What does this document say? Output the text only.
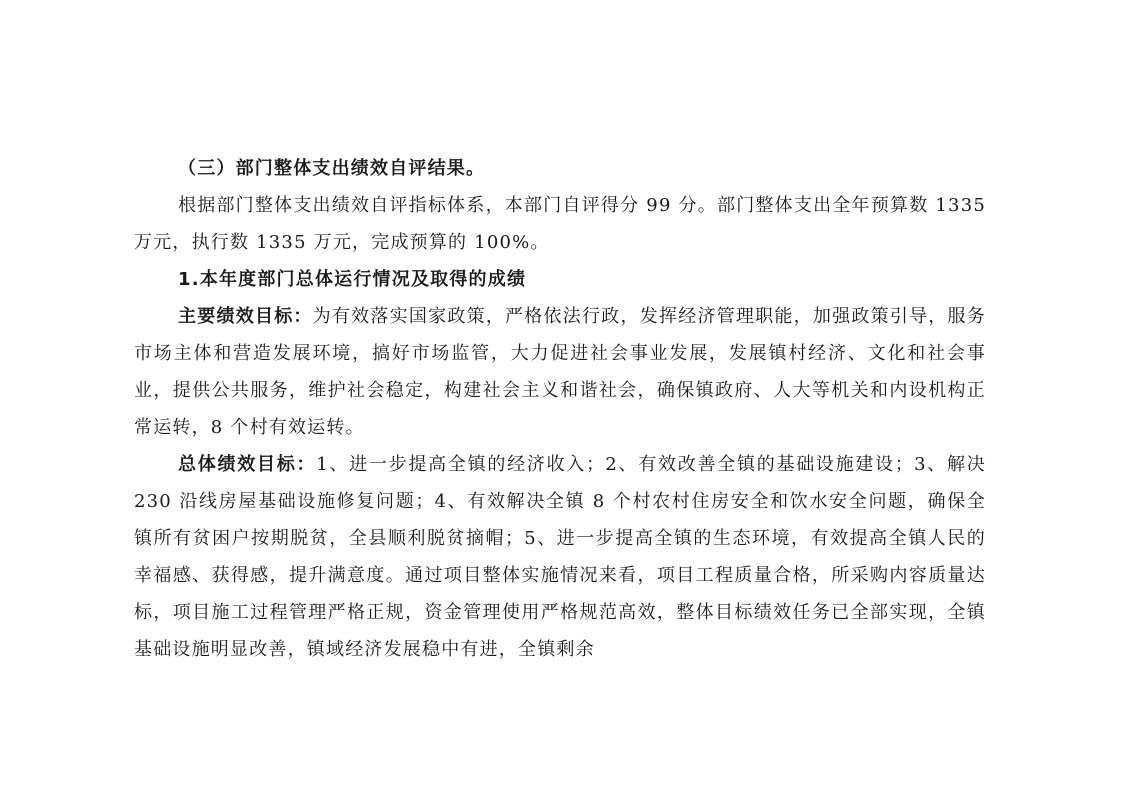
（三）部门整体支出绩效自评结果。

根据部门整体支出绩效自评指标体系，本部门自评得分 99 分。部门整体支出全年预算数 1335 万元，执行数 1335 万元，完成预算的 100%。

1.本年度部门总体运行情况及取得的成绩

主要绩效目标：为有效落实国家政策，严格依法行政，发挥经济管理职能，加强政策引导，服务市场主体和营造发展环境，搞好市场监管，大力促进社会事业发展，发展镇村经济、文化和社会事业，提供公共服务，维护社会稳定，构建社会主义和谐社会，确保镇政府、人大等机关和内设机构正常运转，8 个村有效运转。

总体绩效目标：1、进一步提高全镇的经济收入；2、有效改善全镇的基础设施建设；3、解决 230 沿线房屋基础设施修复问题；4、有效解决全镇 8 个村农村住房安全和饮水安全问题，确保全镇所有贫困户按期脱贫，全县顺利脱贫摘帽；5、进一步提高全镇的生态环境，有效提高全镇人民的幸福感、获得感，提升满意度。通过项目整体实施情况来看，项目工程质量合格，所采购内容质量达标，项目施工过程管理严格正规，资金管理使用严格规范高效，整体目标绩效任务已全部实现，全镇基础设施明显改善，镇域经济发展稳中有进，全镇剩余
